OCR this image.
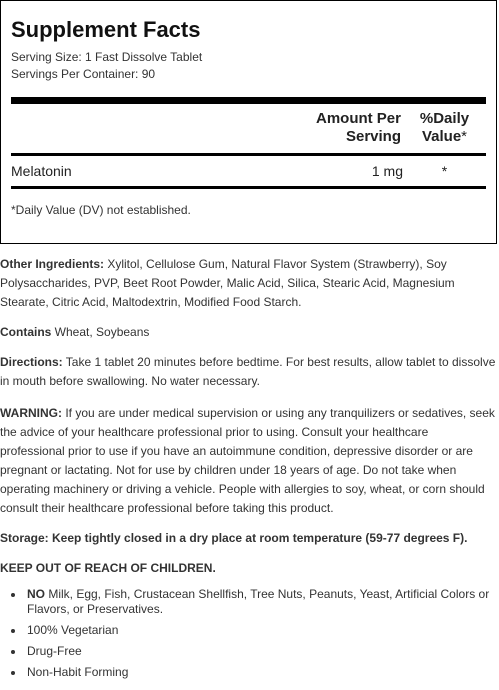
Supplement Facts
Serving Size: 1 Fast Dissolve Tablet
Servings Per Container: 90
Amount Per
Serving
%Daily
Value*
Melatonin	1 mg	*
*Daily Value (DV) not established.

Other Ingredients: Xylitol, Cellulose Gum, Natural Flavor System (Strawberry), Soy Polysaccharides, PVP, Beet Root Powder, Malic Acid, Silica, Stearic Acid, Magnesium Stearate, Citric Acid, Maltodextrin, Modified Food Starch.

Contains Wheat, Soybeans

Directions: Take 1 tablet 20 minutes before bedtime. For best results, allow tablet to dissolve in mouth before swallowing. No water necessary.

WARNING: If you are under medical supervision or using any tranquilizers or sedatives, seek the advice of your healthcare professional prior to using. Consult your healthcare professional prior to use if you have an autoimmune condition, depressive disorder or are pregnant or lactating. Not for use by children under 18 years of age. Do not take when operating machinery or driving a vehicle. People with allergies to soy, wheat, or corn should consult their healthcare professional before taking this product.

Storage: Keep tightly closed in a dry place at room temperature (59-77 degrees F).

KEEP OUT OF REACH OF CHILDREN.

• NO Milk, Egg, Fish, Crustacean Shellfish, Tree Nuts, Peanuts, Yeast, Artificial Colors or Flavors, or Preservatives.
• 100% Vegetarian
• Drug-Free
• Non-Habit Forming
